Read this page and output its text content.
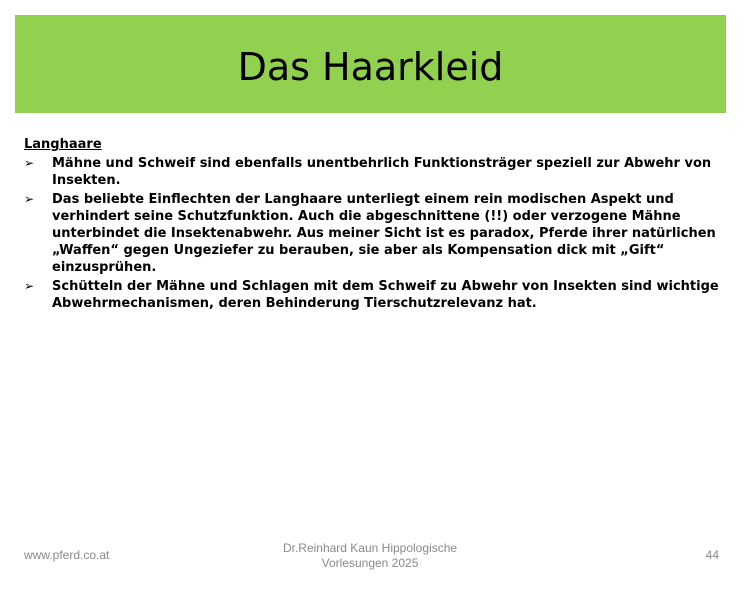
Das Haarkleid
Langhaare
➢	Mähne und Schweif sind ebenfalls unentbehrlich Funktionsträger speziell zur Abwehr von Insekten.
➢	Das beliebte Einflechten der Langhaare unterliegt einem rein modischen Aspekt und verhindert seine Schutzfunktion. Auch die abgeschnittene (!!) oder verzogene Mähne unterbindet die Insektenabwehr. Aus meiner Sicht ist es paradox, Pferde ihrer natürlichen „Waffen“ gegen Ungeziefer zu berauben, sie aber als Kompensation dick mit „Gift“ einzusprühen.
➢	Schütteln der Mähne und Schlagen mit dem Schweif zu Abwehr von Insekten sind wichtige Abwehrmechanismen, deren Behinderung Tierschutzrelevanz hat.
www.pferd.co.at	Dr.Reinhard Kaun Hippologische
Vorlesungen 2025
44
